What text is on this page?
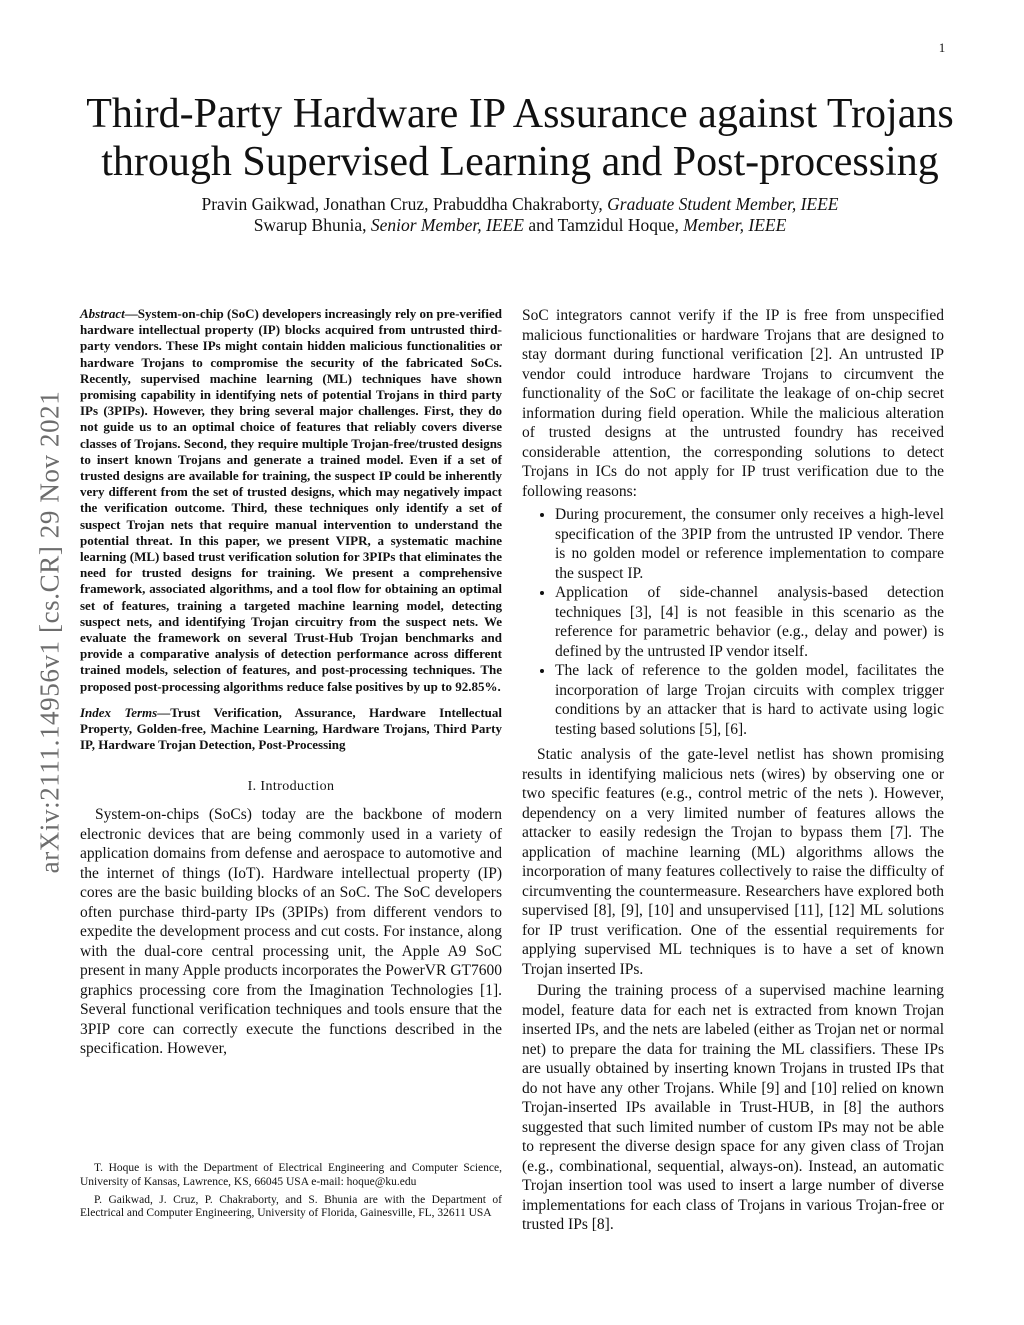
1
arXiv:2111.14956v1 [cs.CR] 29 Nov 2021
Third-Party Hardware IP Assurance against Trojans
through Supervised Learning and Post-processing
Pravin Gaikwad, Jonathan Cruz, Prabuddha Chakraborty, Graduate Student Member, IEEE
Swarup Bhunia, Senior Member, IEEE and Tamzidul Hoque, Member, IEEE

Abstract—System-on-chip (SoC) developers increasingly rely on pre-verified hardware intellectual property (IP) blocks acquired from untrusted third-party vendors. These IPs might contain hidden malicious functionalities or hardware Trojans to compromise the security of the fabricated SoCs. Recently, supervised machine learning (ML) techniques have shown promising capability in identifying nets of potential Trojans in third party IPs (3PIPs). However, they bring several major challenges. First, they do not guide us to an optimal choice of features that reliably covers diverse classes of Trojans. Second, they require multiple Trojan-free/trusted designs to insert known Trojans and generate a trained model. Even if a set of trusted designs are available for training, the suspect IP could be inherently very different from the set of trusted designs, which may negatively impact the verification outcome. Third, these techniques only identify a set of suspect Trojan nets that require manual intervention to understand the potential threat. In this paper, we present VIPR, a systematic machine learning (ML) based trust verification solution for 3PIPs that eliminates the need for trusted designs for training. We present a comprehensive framework, associated algorithms, and a tool flow for obtaining an optimal set of features, training a targeted machine learning model, detecting suspect nets, and identifying Trojan circuitry from the suspect nets. We evaluate the framework on several Trust-Hub Trojan benchmarks and provide a comparative analysis of detection performance across different trained models, selection of features, and post-processing techniques. The proposed post-processing algorithms reduce false positives by up to 92.85%.

Index Terms—Trust Verification, Assurance, Hardware Intellectual Property, Golden-free, Machine Learning, Hardware Trojans, Third Party IP, Hardware Trojan Detection, Post-Processing

I. Introduction

System-on-chips (SoCs) today are the backbone of modern electronic devices that are being commonly used in a variety of application domains from defense and aerospace to automotive and the internet of things (IoT). Hardware intellectual property (IP) cores are the basic building blocks of an SoC. The SoC developers often purchase third-party IPs (3PIPs) from different vendors to expedite the development process and cut costs. For instance, along with the dual-core central processing unit, the Apple A9 SoC present in many Apple products incorporates the PowerVR GT7600 graphics processing core from the Imagination Technologies [1]. Several functional verification techniques and tools ensure that the 3PIP core can correctly execute the functions described in the specification. However,

T. Hoque is with the Department of Electrical Engineering and Computer Science, University of Kansas, Lawrence, KS, 66045 USA e-mail: hoque@ku.edu

P. Gaikwad, J. Cruz, P. Chakraborty, and S. Bhunia are with the Department of Electrical and Computer Engineering, University of Florida, Gainesville, FL, 32611 USA

SoC integrators cannot verify if the IP is free from unspecified malicious functionalities or hardware Trojans that are designed to stay dormant during functional verification [2]. An untrusted IP vendor could introduce hardware Trojans to circumvent the functionality of the SoC or facilitate the leakage of on-chip secret information during field operation. While the malicious alteration of trusted designs at the untrusted foundry has received considerable attention, the corresponding solutions to detect Trojans in ICs do not apply for IP trust verification due to the following reasons:

• During procurement, the consumer only receives a high-level specification of the 3PIP from the untrusted IP vendor. There is no golden model or reference implementation to compare the suspect IP.
• Application of side-channel analysis-based detection techniques [3], [4] is not feasible in this scenario as the reference for parametric behavior (e.g., delay and power) is defined by the untrusted IP vendor itself.
• The lack of reference to the golden model, facilitates the incorporation of large Trojan circuits with complex trigger conditions by an attacker that is hard to activate using logic testing based solutions [5], [6].

Static analysis of the gate-level netlist has shown promising results in identifying malicious nets (wires) by observing one or two specific features (e.g., control metric of the nets ). However, dependency on a very limited number of features allows the attacker to easily redesign the Trojan to bypass them [7]. The application of machine learning (ML) algorithms allows the incorporation of many features collectively to raise the difficulty of circumventing the countermeasure. Researchers have explored both supervised [8], [9], [10] and unsupervised [11], [12] ML solutions for IP trust verification. One of the essential requirements for applying supervised ML techniques is to have a set of known Trojan inserted IPs.

During the training process of a supervised machine learning model, feature data for each net is extracted from known Trojan inserted IPs, and the nets are labeled (either as Trojan net or normal net) to prepare the data for training the ML classifiers. These IPs are usually obtained by inserting known Trojans in trusted IPs that do not have any other Trojans. While [9] and [10] relied on known Trojan-inserted IPs available in Trust-HUB, in [8] the authors suggested that such limited number of custom IPs may not be able to represent the diverse design space for any given class of Trojan (e.g., combinational, sequential, always-on). Instead, an automatic Trojan insertion tool was used to insert a large number of diverse implementations for each class of Trojans in various Trojan-free or trusted IPs [8].
